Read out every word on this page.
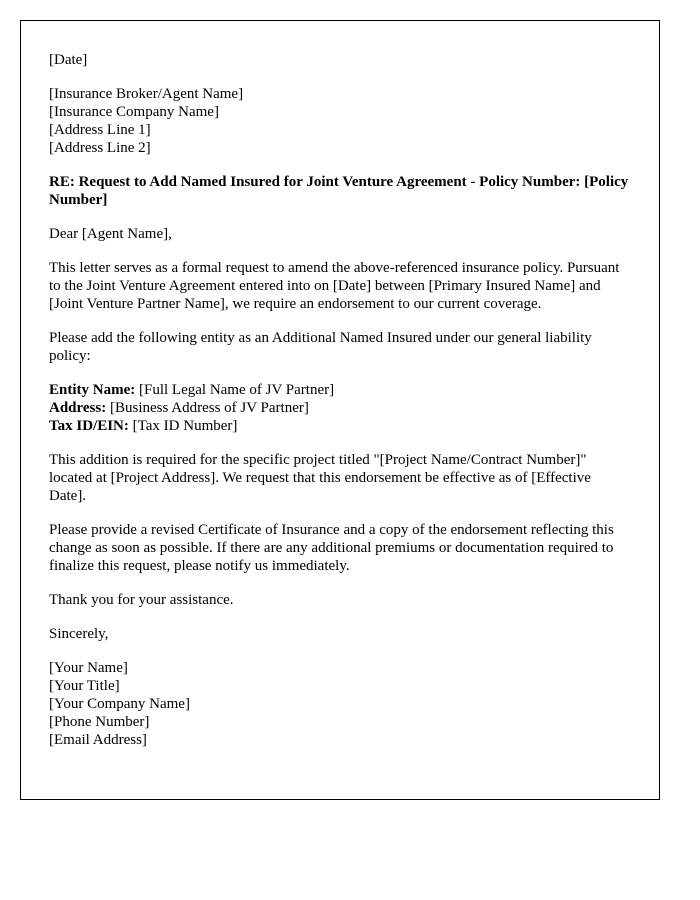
[Date]
[Insurance Broker/Agent Name]
[Insurance Company Name]
[Address Line 1]
[Address Line 2]

RE: Request to Add Named Insured for Joint Venture Agreement - Policy Number: [Policy Number]

Dear [Agent Name],

This letter serves as a formal request to amend the above-referenced insurance policy. Pursuant to the Joint Venture Agreement entered into on [Date] between [Primary Insured Name] and [Joint Venture Partner Name], we require an endorsement to our current coverage.

Please add the following entity as an Additional Named Insured under our general liability policy:

Entity Name: [Full Legal Name of JV Partner]
Address: [Business Address of JV Partner]
Tax ID/EIN: [Tax ID Number]

This addition is required for the specific project titled "[Project Name/Contract Number]" located at [Project Address]. We request that this endorsement be effective as of [Effective Date].

Please provide a revised Certificate of Insurance and a copy of the endorsement reflecting this change as soon as possible. If there are any additional premiums or documentation required to finalize this request, please notify us immediately.

Thank you for your assistance.

Sincerely,

[Your Name]
[Your Title]
[Your Company Name]
[Phone Number]
[Email Address]
